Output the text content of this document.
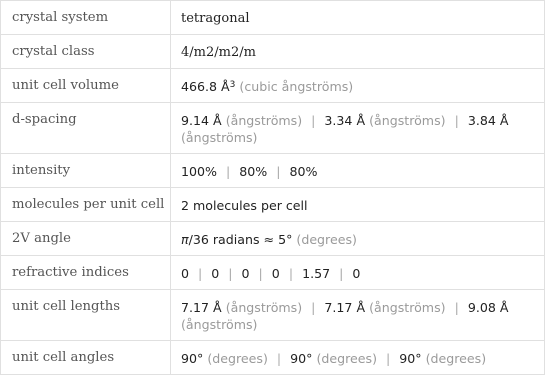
crystal system	tetragonal
crystal class	4/m2/m2/m
unit cell volume	466.8 $Å^3$ (cubic ångströms)
d-spacing	9.14 Å (ångströms) | 3.34 Å (ångströms) | 3.84 Å (ångströms)
intensity	100% | 80% | 80%
molecules per unit cell	2 molecules per cell
2V angle	π/36 radians ≈ 5° (degrees)
refractive indices	0 | 0 | 0 | 0 | 1.57 | 0
unit cell lengths	7.17 Å (ångströms) | 7.17 Å (ångströms) | 9.08 Å (ångströms)
unit cell angles	90° (degrees) | 90° (degrees) | 90° (degrees)
